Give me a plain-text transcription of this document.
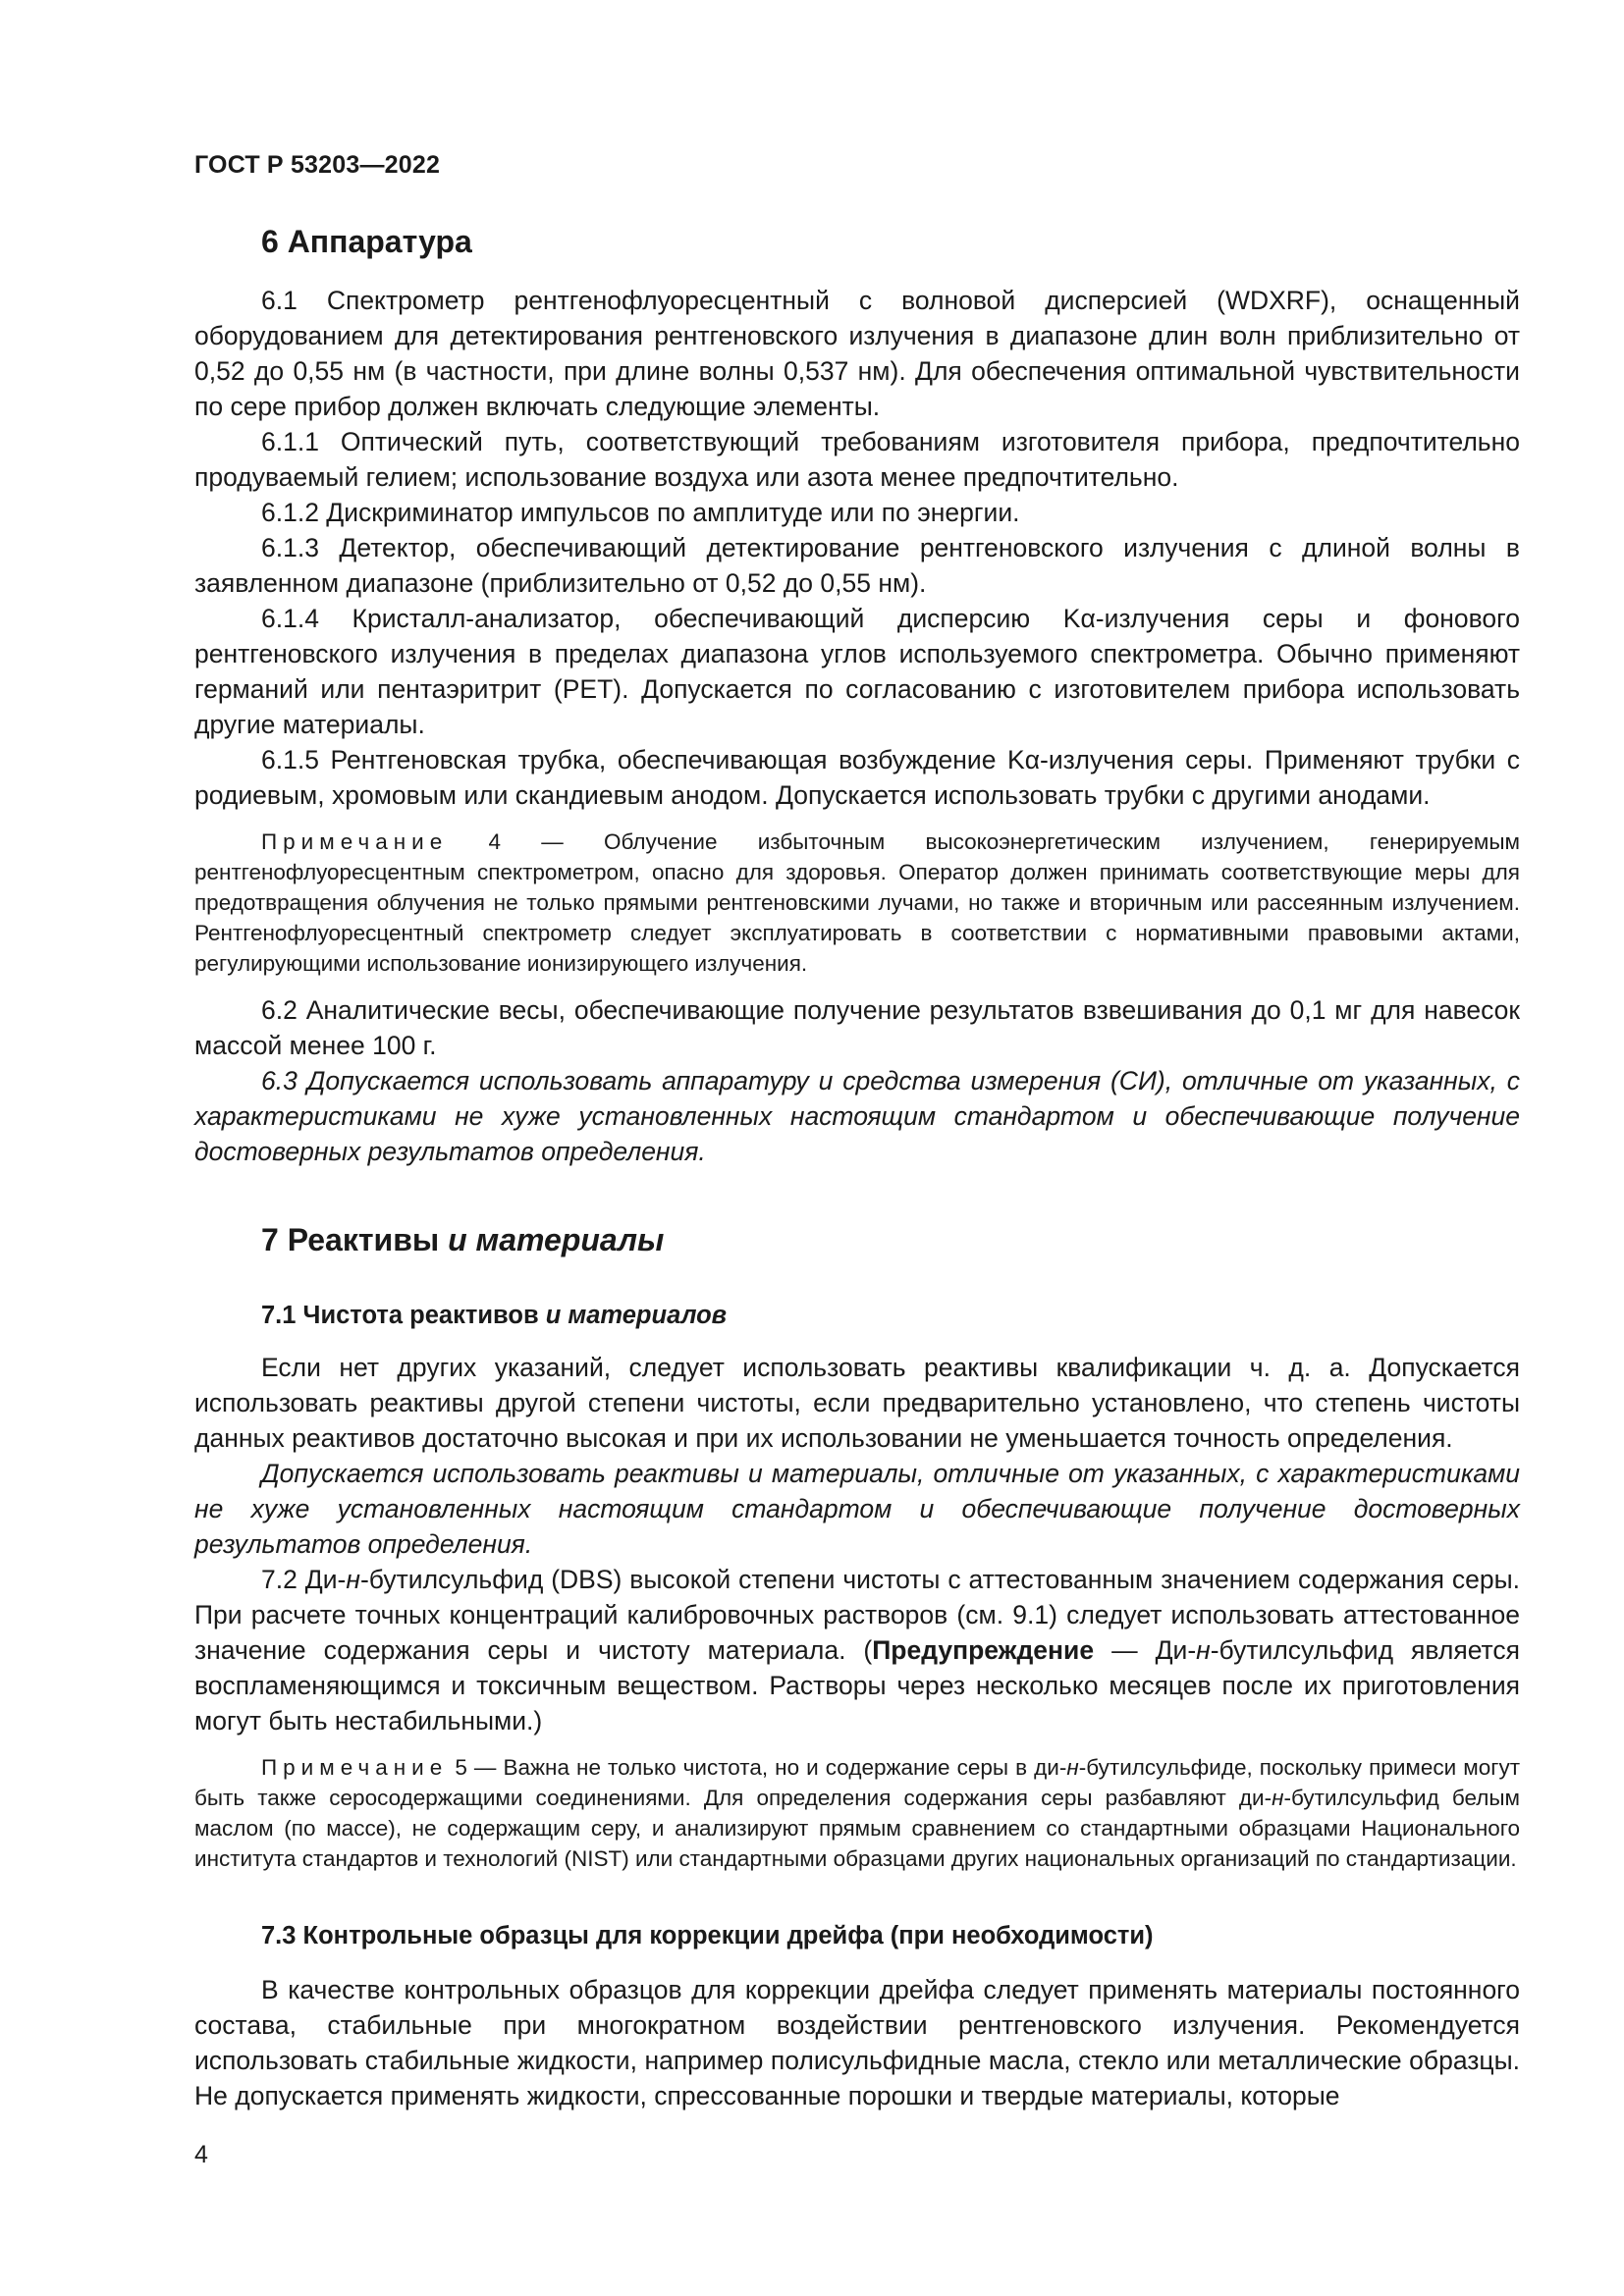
ГОСТ Р 53203—2022
6 Аппаратура

6.1 Спектрометр рентгенофлуоресцентный с волновой дисперсией (WDXRF), оснащенный оборудованием для детектирования рентгеновского излучения в диапазоне длин волн приблизительно от 0,52 до 0,55 нм (в частности, при длине волны 0,537 нм). Для обеспечения оптимальной чувствительности по сере прибор должен включать следующие элементы.

6.1.1 Оптический путь, соответствующий требованиям изготовителя прибора, предпочтительно продуваемый гелием; использование воздуха или азота менее предпочтительно.

6.1.2 Дискриминатор импульсов по амплитуде или по энергии.

6.1.3 Детектор, обеспечивающий детектирование рентгеновского излучения с длиной волны в заявленном диапазоне (приблизительно от 0,52 до 0,55 нм).

6.1.4 Кристалл-анализатор, обеспечивающий дисперсию Kα-излучения серы и фонового рентгеновского излучения в пределах диапазона углов используемого спектрометра. Обычно применяют германий или пентаэритрит (РЕТ). Допускается по согласованию с изготовителем прибора использовать другие материалы.

6.1.5 Рентгеновская трубка, обеспечивающая возбуждение Kα-излучения серы. Применяют трубки с родиевым, хромовым или скандиевым анодом. Допускается использовать трубки с другими анодами.

Примечание 4 — Облучение избыточным высокоэнергетическим излучением, генерируемым рентгенофлуоресцентным спектрометром, опасно для здоровья. Оператор должен принимать соответствующие меры для предотвращения облучения не только прямыми рентгеновскими лучами, но также и вторичным или рассеянным излучением. Рентгенофлуоресцентный спектрометр следует эксплуатировать в соответствии с нормативными правовыми актами, регулирующими использование ионизирующего излучения.

6.2 Аналитические весы, обеспечивающие получение результатов взвешивания до 0,1 мг для навесок массой менее 100 г.

6.3 Допускается использовать аппаратуру и средства измерения (СИ), отличные от указанных, с характеристиками не хуже установленных настоящим стандартом и обеспечивающие получение достоверных результатов определения.

7 Реактивы и материалы
7.1 Чистота реактивов и материалов

Если нет других указаний, следует использовать реактивы квалификации ч. д. а. Допускается использовать реактивы другой степени чистоты, если предварительно установлено, что степень чистоты данных реактивов достаточно высокая и при их использовании не уменьшается точность определения.

Допускается использовать реактивы и материалы, отличные от указанных, с характеристиками не хуже установленных настоящим стандартом и обеспечивающие получение достоверных результатов определения.

7.2 Ди-н-бутилсульфид (DBS) высокой степени чистоты с аттестованным значением содержания серы. При расчете точных концентраций калибровочных растворов (см. 9.1) следует использовать аттестованное значение содержания серы и чистоту материала. (Предупреждение — Ди-н-бутилсульфид является воспламеняющимся и токсичным веществом. Растворы через несколько месяцев после их приготовления могут быть нестабильными.)

Примечание 5 — Важна не только чистота, но и содержание серы в ди-н-бутилсульфиде, поскольку примеси могут быть также серосодержащими соединениями. Для определения содержания серы разбавляют ди-н-бутилсульфид белым маслом (по массе), не содержащим серу, и анализируют прямым сравнением со стандартными образцами Национального института стандартов и технологий (NIST) или стандартными образцами других национальных организаций по стандартизации.

7.3 Контрольные образцы для коррекции дрейфа (при необходимости)

В качестве контрольных образцов для коррекции дрейфа следует применять материалы постоянного состава, стабильные при многократном воздействии рентгеновского излучения. Рекомендуется использовать стабильные жидкости, например полисульфидные масла, стекло или металлические образцы. Не допускается применять жидкости, спрессованные порошки и твердые материалы, которые

4
